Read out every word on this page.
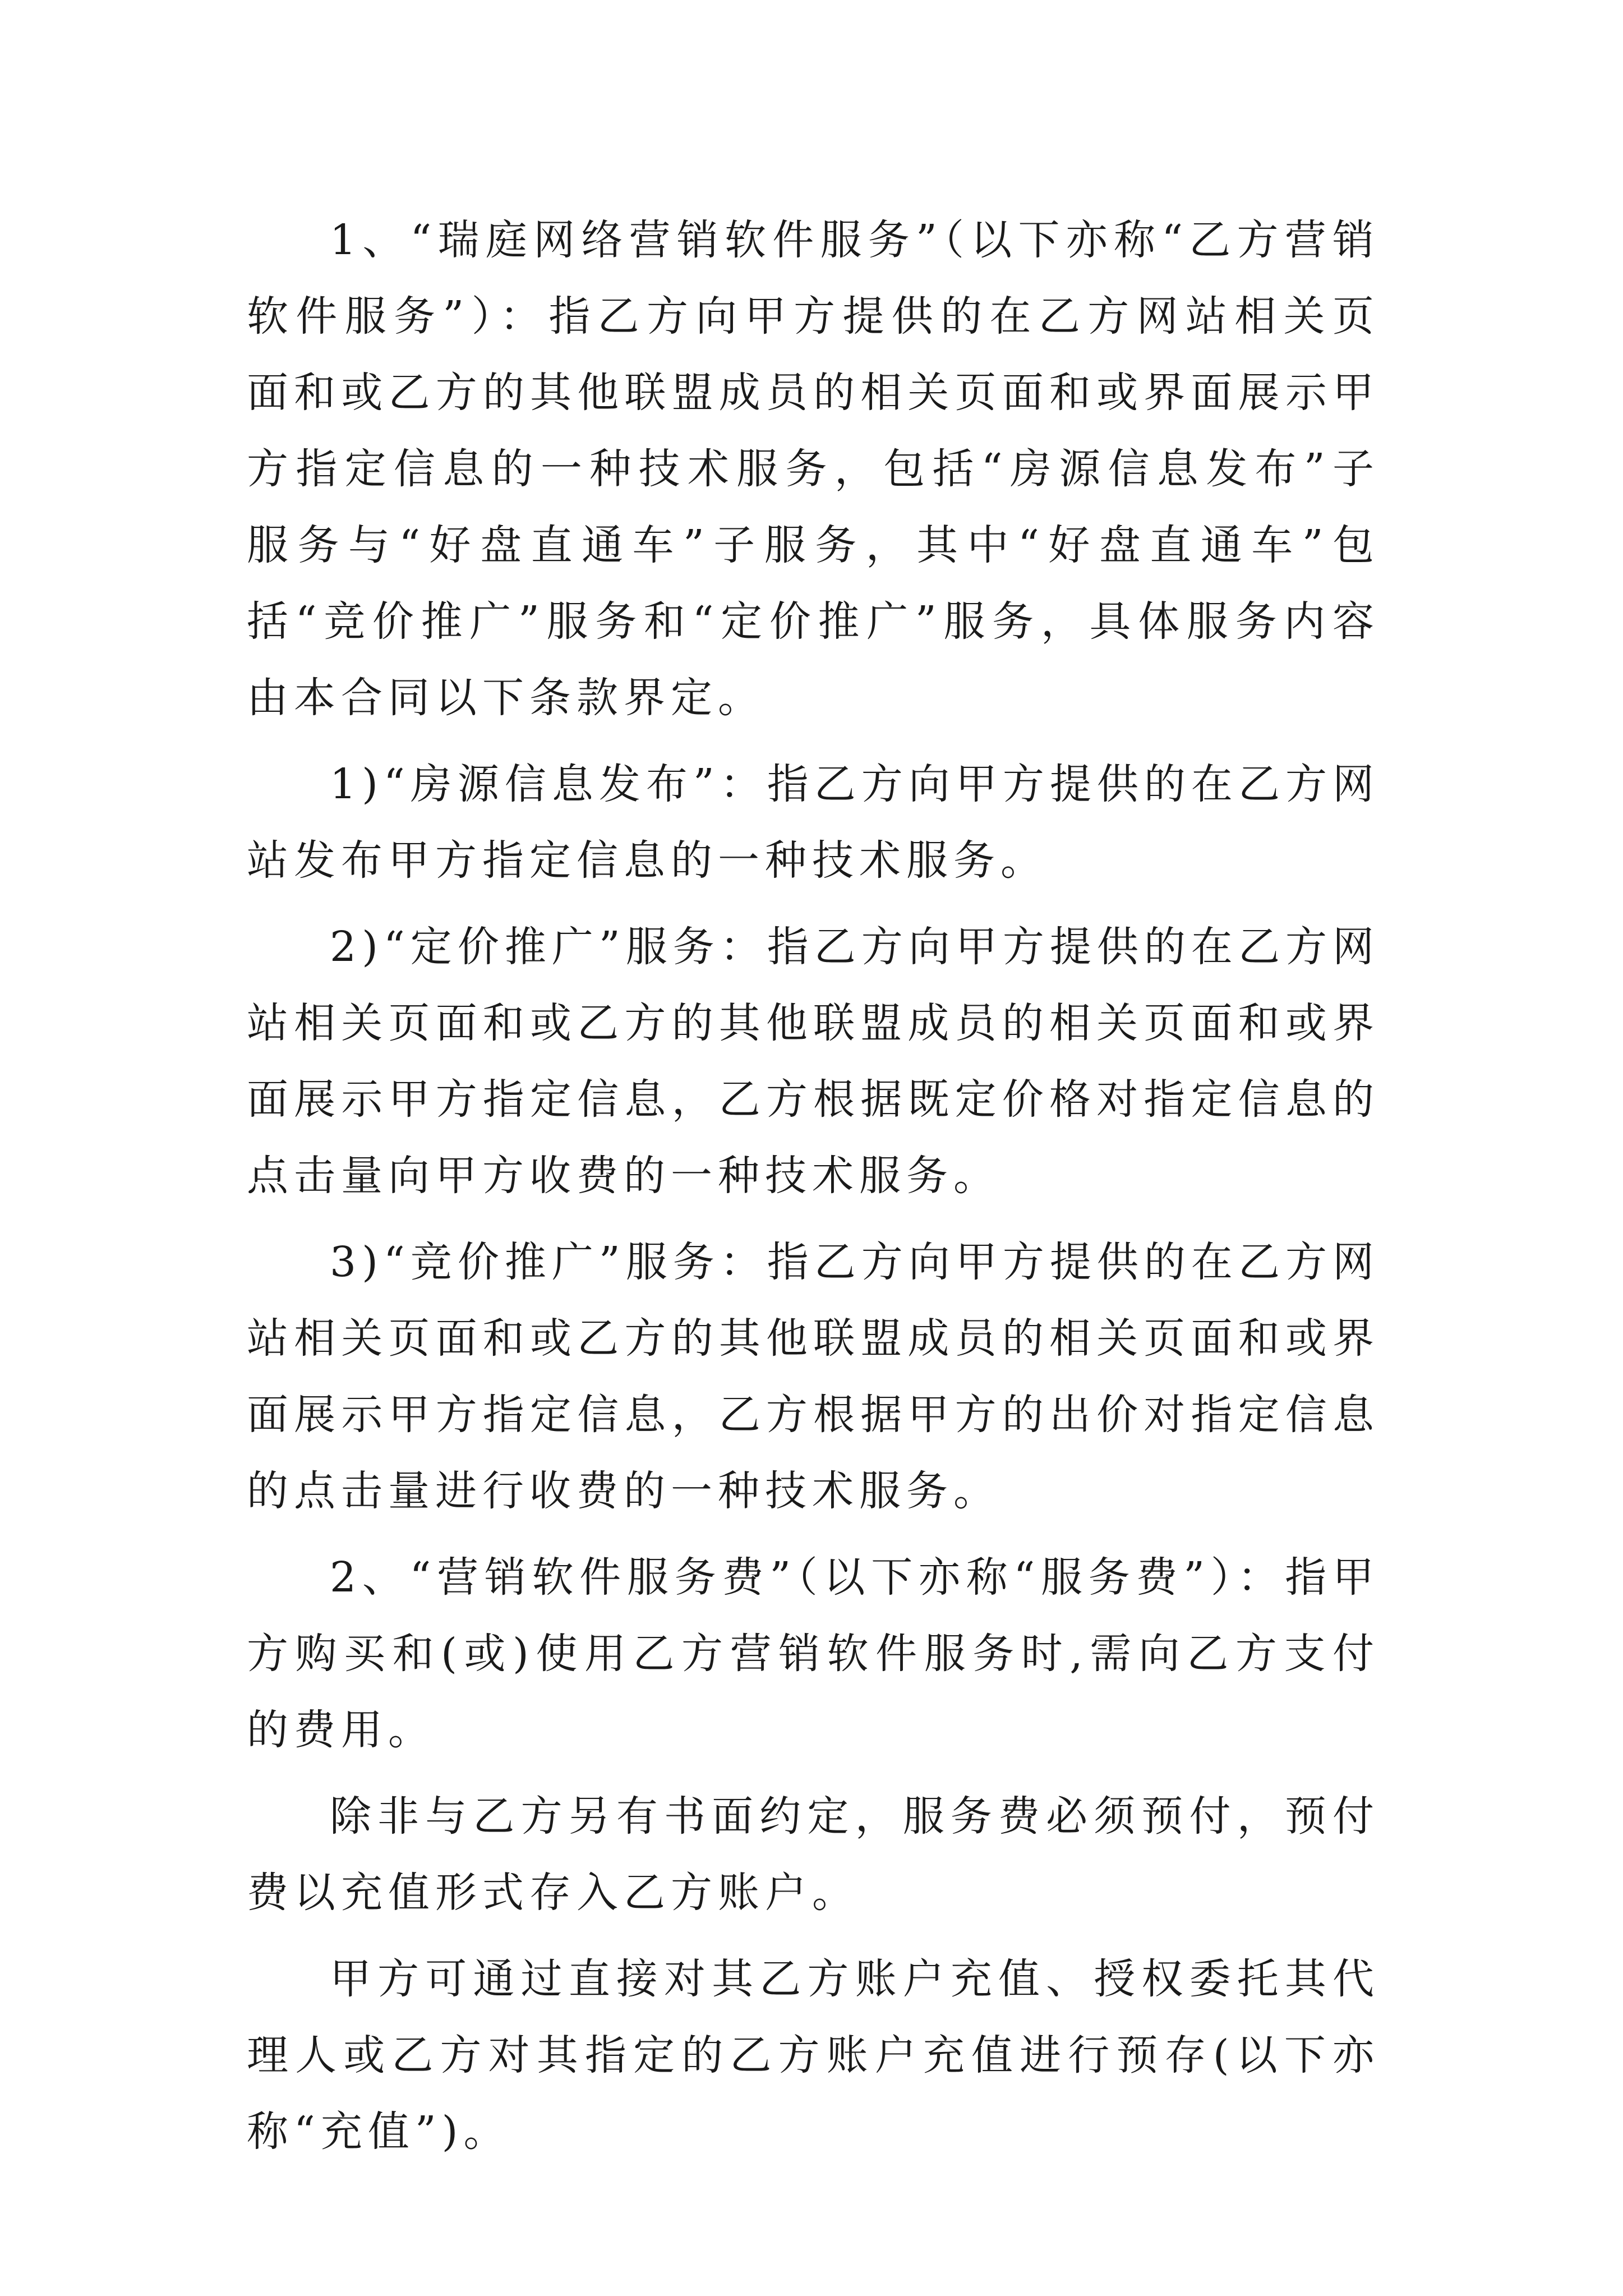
1、“瑞庭网络营销软件服务”（以下亦称“乙方营销软件服务”）：指乙方向甲方提供的在乙方网站相关页面和或乙方的其他联盟成员的相关页面和或界面展示甲方指定信息的一种技术服务，包括“房源信息发布”子服务与“好盘直通车”子服务，其中“好盘直通车”包括“竞价推广”服务和“定价推广”服务，具体服务内容由本合同以下条款界定。

1)“房源信息发布”：指乙方向甲方提供的在乙方网站发布甲方指定信息的一种技术服务。

2)“定价推广”服务：指乙方向甲方提供的在乙方网站相关页面和或乙方的其他联盟成员的相关页面和或界面展示甲方指定信息，乙方根据既定价格对指定信息的点击量向甲方收费的一种技术服务。

3)“竞价推广”服务：指乙方向甲方提供的在乙方网站相关页面和或乙方的其他联盟成员的相关页面和或界面展示甲方指定信息，乙方根据甲方的出价对指定信息的点击量进行收费的一种技术服务。

2、“营销软件服务费”（以下亦称“服务费”）：指甲方购买和(或)使用乙方营销软件服务时,需向乙方支付的费用。

除非与乙方另有书面约定，服务费必须预付，预付费以充值形式存入乙方账户。

甲方可通过直接对其乙方账户充值、授权委托其代理人或乙方对其指定的乙方账户充值进行预存(以下亦称“充值”)。
